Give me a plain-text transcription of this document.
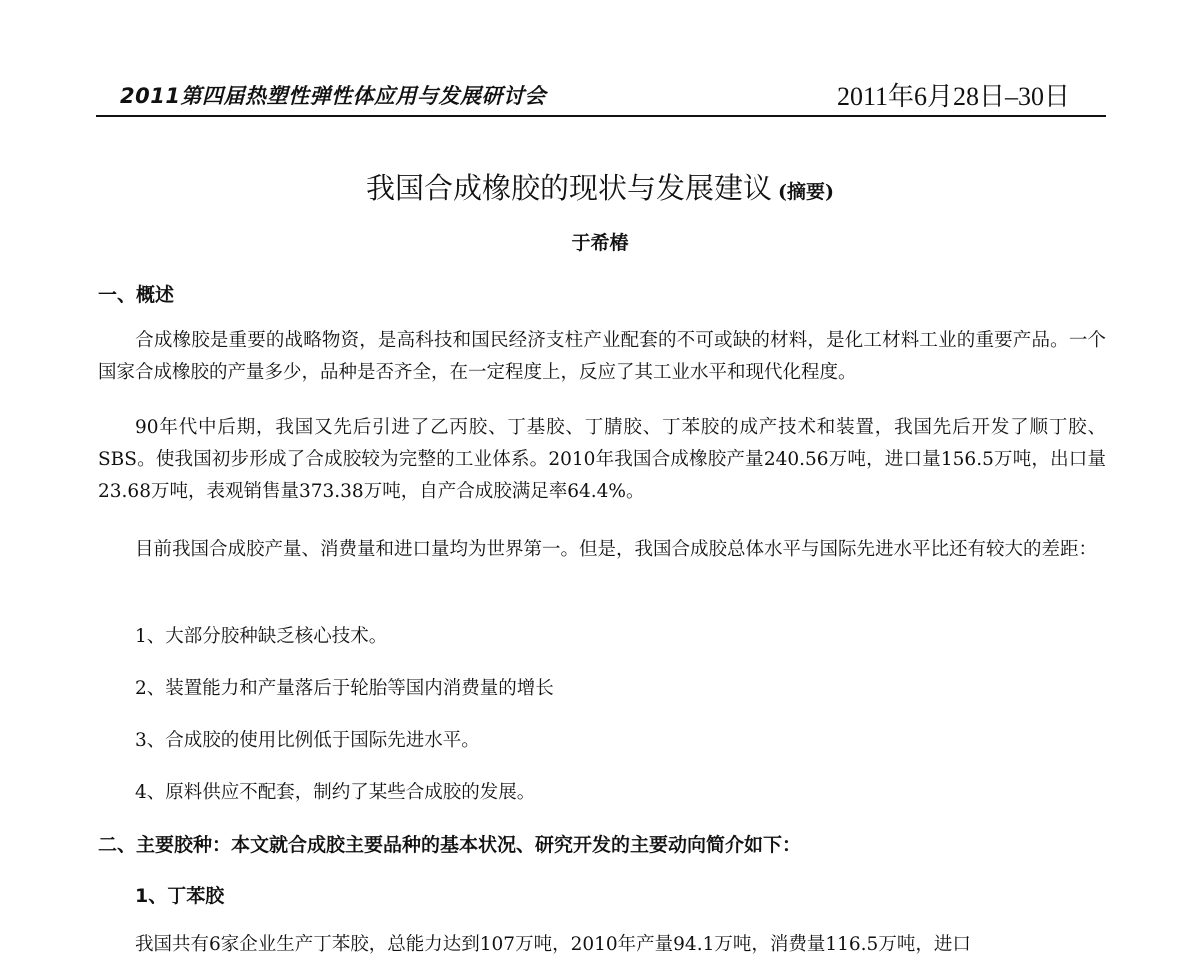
2011第四届热塑性弹性体应用与发展研讨会	2011年6月28日–30日
我国合成橡胶的现状与发展建议 (摘要)
于希椿
一、概述
合成橡胶是重要的战略物资，是高科技和国民经济支柱产业配套的不可或缺的材料，是化工材料工业的重要产品。一个国家合成橡胶的产量多少，品种是否齐全，在一定程度上，反应了其工业水平和现代化程度。
90年代中后期，我国又先后引进了乙丙胶、丁基胶、丁腈胶、丁苯胶的成产技术和装置，我国先后开发了顺丁胶、SBS。使我国初步形成了合成胶较为完整的工业体系。2010年我国合成橡胶产量240.56万吨，进口量156.5万吨，出口量23.68万吨，表观销售量373.38万吨，自产合成胶满足率64.4%。
目前我国合成胶产量、消费量和进口量均为世界第一。但是，我国合成胶总体水平与国际先进水平比还有较大的差距：
1、大部分胶种缺乏核心技术。
2、装置能力和产量落后于轮胎等国内消费量的增长
3、合成胶的使用比例低于国际先进水平。
4、原料供应不配套，制约了某些合成胶的发展。
二、主要胶种：本文就合成胶主要品种的基本状况、研究开发的主要动向简介如下：
1、丁苯胶
我国共有6家企业生产丁苯胶，总能力达到107万吨，2010年产量94.1万吨，消费量116.5万吨，进口
